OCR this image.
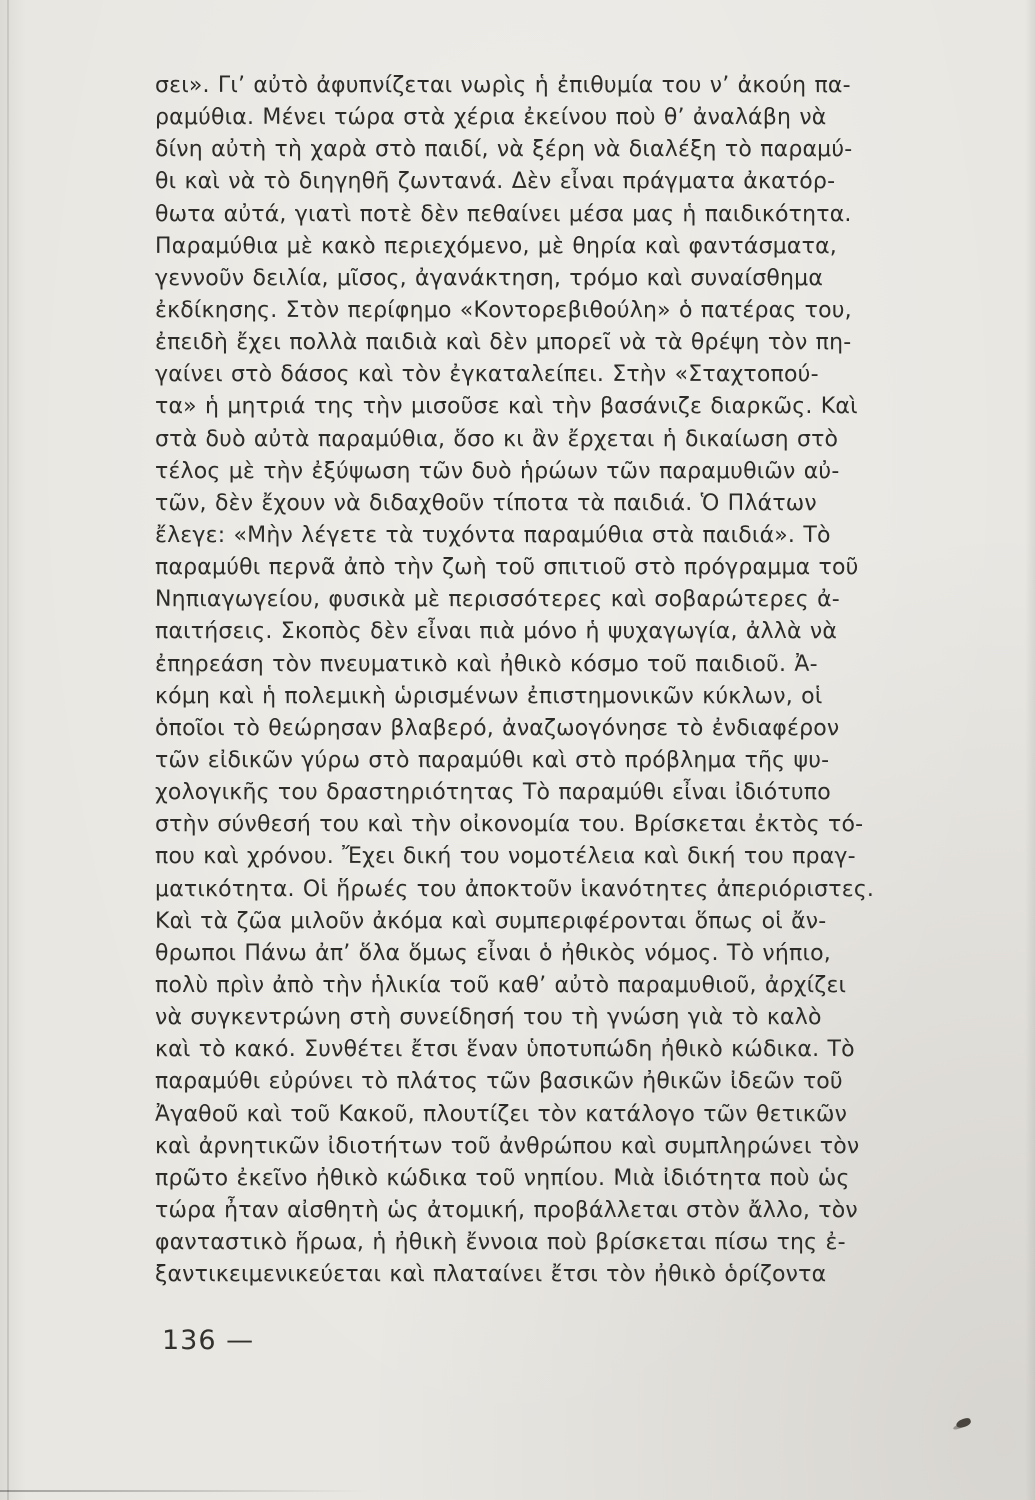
σει». Γι’ αὐτὸ ἀφυπνίζεται νωρὶς ἡ ἐπιθυμία του ν’ ἀκούη πα-
ραμύθια. Μένει τώρα στὰ χέρια ἐκείνου ποὺ θ’ ἀναλάβη νὰ
δίνη αὐτὴ τὴ χαρὰ στὸ παιδί, νὰ ξέρη νὰ διαλέξη τὸ παραμύ-
θι καὶ νὰ τὸ διηγηθῆ ζωντανά. Δὲν εἶναι πράγματα ἀκατόρ-
θωτα αὐτά, γιατὶ ποτὲ δὲν πεθαίνει μέσα μας ἡ παιδικότητα.
Παραμύθια μὲ κακὸ περιεχόμενο, μὲ θηρία καὶ φαντάσματα,
γεννοῦν δειλία, μῖσος, ἀγανάκτηση, τρόμο καὶ συναίσθημα
ἐκδίκησης. Στὸν περίφημο «Κοντορεβιθούλη» ὁ πατέρας του,
ἐπειδὴ ἔχει πολλὰ παιδιὰ καὶ δὲν μπορεῖ νὰ τὰ θρέψη τὸν πη-
γαίνει στὸ δάσος καὶ τὸν ἐγκαταλείπει. Στὴν «Σταχτοπού-
τα» ἡ μητριά της τὴν μισοῦσε καὶ τὴν βασάνιζε διαρκῶς. Καὶ
στὰ δυὸ αὐτὰ παραμύθια, ὅσο κι ἂν ἔρχεται ἡ δικαίωση στὸ
τέλος μὲ τὴν ἐξύψωση τῶν δυὸ ἡρώων τῶν παραμυθιῶν αὐ-
τῶν, δὲν ἔχουν νὰ διδαχθοῦν τίποτα τὰ παιδιά. Ὁ Πλάτων
ἔλεγε: «Μὴν λέγετε τὰ τυχόντα παραμύθια στὰ παιδιά». Τὸ
παραμύθι περνᾶ ἀπὸ τὴν ζωὴ τοῦ σπιτιοῦ στὸ πρόγραμμα τοῦ
Νηπιαγωγείου, φυσικὰ μὲ περισσότερες καὶ σοβαρώτερες ἀ-
παιτήσεις. Σκοπὸς δὲν εἶναι πιὰ μόνο ἡ ψυχαγωγία, ἀλλὰ νὰ
ἐπηρεάση τὸν πνευματικὸ καὶ ἠθικὸ κόσμο τοῦ παιδιοῦ. Ἀ-
κόμη καὶ ἡ πολεμικὴ ὡρισμένων ἐπιστημονικῶν κύκλων, οἱ
ὁποῖοι τὸ θεώρησαν βλαβερό, ἀναζωογόνησε τὸ ἐνδιαφέρον
τῶν εἰδικῶν γύρω στὸ παραμύθι καὶ στὸ πρόβλημα τῆς ψυ-
χολογικῆς του δραστηριότητας Τὸ παραμύθι εἶναι ἰδιότυπο
στὴν σύνθεσή του καὶ τὴν οἰκονομία του. Βρίσκεται ἐκτὸς τό-
που καὶ χρόνου. Ἔχει δική του νομοτέλεια καὶ δική του πραγ-
ματικότητα. Οἱ ἥρωές του ἀποκτοῦν ἱκανότητες ἀπεριόριστες.
Καὶ τὰ ζῶα μιλοῦν ἀκόμα καὶ συμπεριφέρονται ὅπως οἱ ἄν-
θρωποι Πάνω ἀπ’ ὅλα ὅμως εἶναι ὁ ἠθικὸς νόμος. Τὸ νήπιο,
πολὺ πρὶν ἀπὸ τὴν ἡλικία τοῦ καθ’ αὐτὸ παραμυθιοῦ, ἀρχίζει
νὰ συγκεντρώνη στὴ συνείδησή του τὴ γνώση γιὰ τὸ καλὸ
καὶ τὸ κακό. Συνθέτει ἔτσι ἕναν ὑποτυπώδη ἠθικὸ κώδικα. Τὸ
παραμύθι εὐρύνει τὸ πλάτος τῶν βασικῶν ἠθικῶν ἰδεῶν τοῦ
Ἀγαθοῦ καὶ τοῦ Κακοῦ, πλουτίζει τὸν κατάλογο τῶν θετικῶν
καὶ ἀρνητικῶν ἰδιοτήτων τοῦ ἀνθρώπου καὶ συμπληρώνει τὸν
πρῶτο ἐκεῖνο ἠθικὸ κώδικα τοῦ νηπίου. Μιὰ ἰδιότητα ποὺ ὡς
τώρα ἦταν αἰσθητὴ ὡς ἀτομική, προβάλλεται στὸν ἄλλο, τὸν
φανταστικὸ ἥρωα, ἡ ἠθικὴ ἔννοια ποὺ βρίσκεται πίσω της ἐ-
ξαντικειμενικεύεται καὶ πλαταίνει ἔτσι τὸν ἠθικὸ ὁρίζοντα
136 —
